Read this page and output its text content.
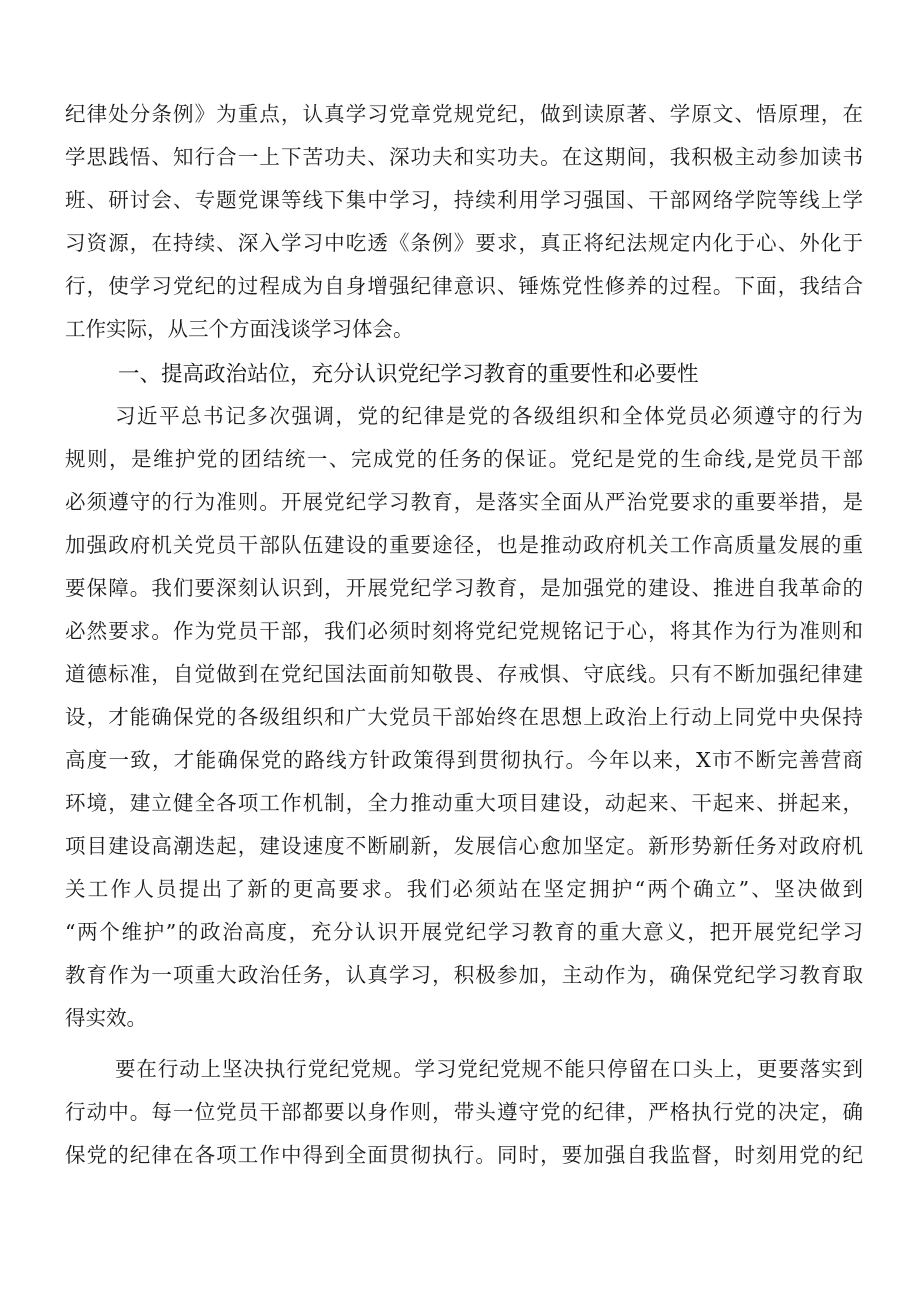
纪律处分条例》为重点，认真学习党章党规党纪，做到读原著、学原文、悟原理，在
学思践悟、知行合一上下苦功夫、深功夫和实功夫。在这期间，我积极主动参加读书
班、研讨会、专题党课等线下集中学习，持续利用学习强国、干部网络学院等线上学
习资源，在持续、深入学习中吃透《条例》要求，真正将纪法规定内化于心、外化于
行，使学习党纪的过程成为自身增强纪律意识、锤炼党性修养的过程。下面，我结合
工作实际，从三个方面浅谈学习体会。
一、提高政治站位，充分认识党纪学习教育的重要性和必要性
习近平总书记多次强调，党的纪律是党的各级组织和全体党员必须遵守的行为
规则，是维护党的团结统一、完成党的任务的保证。党纪是党的生命线,是党员干部
必须遵守的行为准则。开展党纪学习教育，是落实全面从严治党要求的重要举措，是
加强政府机关党员干部队伍建设的重要途径，也是推动政府机关工作高质量发展的重
要保障。我们要深刻认识到，开展党纪学习教育，是加强党的建设、推进自我革命的
必然要求。作为党员干部，我们必须时刻将党纪党规铭记于心，将其作为行为准则和
道德标准，自觉做到在党纪国法面前知敬畏、存戒惧、守底线。只有不断加强纪律建
设，才能确保党的各级组织和广大党员干部始终在思想上政治上行动上同党中央保持
高度一致，才能确保党的路线方针政策得到贯彻执行。今年以来，X市不断完善营商
环境，建立健全各项工作机制，全力推动重大项目建设，动起来、干起来、拼起来，
项目建设高潮迭起，建设速度不断刷新，发展信心愈加坚定。新形势新任务对政府机
关工作人员提出了新的更高要求。我们必须站在坚定拥护“两个确立”、坚决做到
“两个维护”的政治高度，充分认识开展党纪学习教育的重大意义，把开展党纪学习
教育作为一项重大政治任务，认真学习，积极参加，主动作为，确保党纪学习教育取
得实效。
要在行动上坚决执行党纪党规。学习党纪党规不能只停留在口头上，更要落实到
行动中。每一位党员干部都要以身作则，带头遵守党的纪律，严格执行党的决定，确
保党的纪律在各项工作中得到全面贯彻执行。同时，要加强自我监督，时刻用党的纪
